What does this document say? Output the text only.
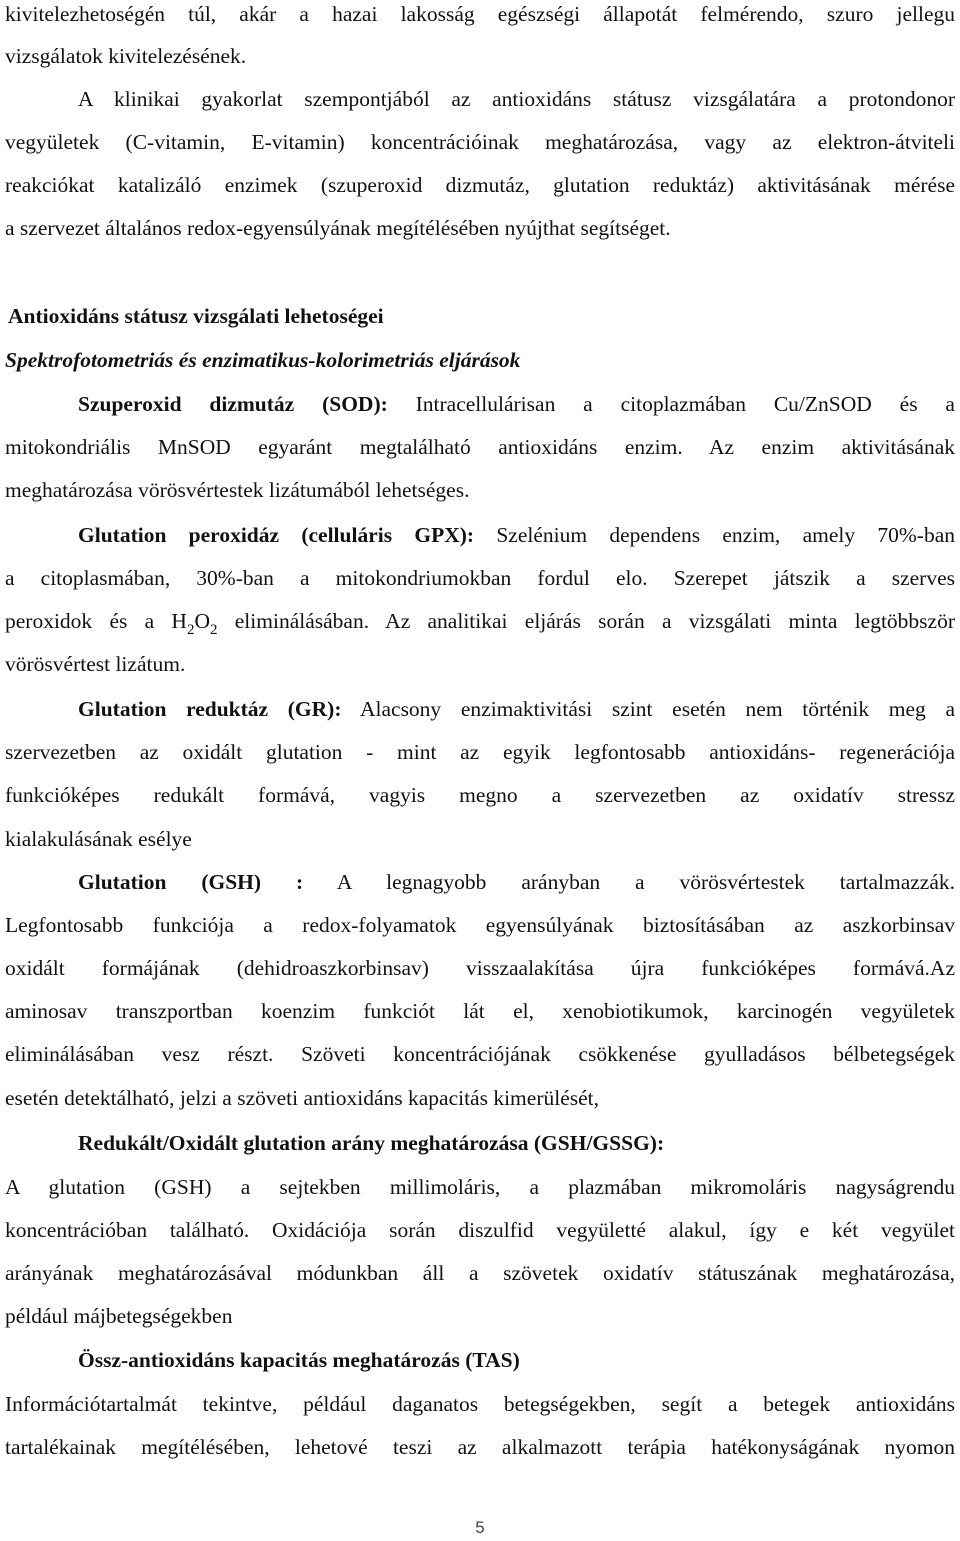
kivitelezhetoségén túl, akár a hazai lakosság egészségi állapotát felmérendo, szuro jellegu
vizsgálatok kivitelezésének.
A klinikai gyakorlat szempontjából az antioxidáns státusz vizsgálatára a protondonor
vegyületek (C-vitamin, E-vitamin) koncentrációinak meghatározása, vagy az elektron-átviteli
reakciókat katalizáló enzimek (szuperoxid dizmutáz, glutation reduktáz) aktivitásának mérése
a szervezet általános redox-egyensúlyának megítélésében nyújthat segítséget.
Antioxidáns státusz vizsgálati lehetoségei
Spektrofotometriás és enzimatikus-kolorimetriás eljárások
Szuperoxid dizmutáz (SOD): Intracellulárisan a citoplazmában Cu/ZnSOD és a
mitokondriális MnSOD egyaránt megtalálható antioxidáns enzim. Az enzim aktivitásának
meghatározása vörösvértestek lizátumából lehetséges.
Glutation peroxidáz (celluláris GPX): Szelénium dependens enzim, amely 70%-ban
a citoplasmában, 30%-ban a mitokondriumokban fordul elo. Szerepet játszik a szerves
peroxidok és a $H_2O_2$ eliminálásában. Az analitikai eljárás során a vizsgálati minta legtöbbször
vörösvértest lizátum.
Glutation reduktáz (GR): Alacsony enzimaktivitási szint esetén nem történik meg a
szervezetben az oxidált glutation - mint az egyik legfontosabb antioxidáns- regenerációja
funkcióképes redukált formává, vagyis megno a szervezetben az oxidatív stressz
kialakulásának esélye
Glutation (GSH) : A legnagyobb arányban a vörösvértestek tartalmazzák.
Legfontosabb funkciója a redox-folyamatok egyensúlyának biztosításában az aszkorbinsav
oxidált formájának (dehidroaszkorbinsav) visszaalakítása újra funkcióképes formává.Az
aminosav transzportban koenzim funkciót lát el, xenobiotikumok, karcinogén vegyületek
eliminálásában vesz részt. Szöveti koncentrációjának csökkenése gyulladásos bélbetegségek
esetén detektálható, jelzi a szöveti antioxidáns kapacitás kimerülését,
Redukált/Oxidált glutation arány meghatározása (GSH/GSSG):
A glutation (GSH) a sejtekben millimoláris, a plazmában mikromoláris nagyságrendu
koncentrációban található. Oxidációja során diszulfid vegyületté alakul, így e két vegyület
arányának meghatározásával módunkban áll a szövetek oxidatív státuszának meghatározása,
például májbetegségekben
Össz-antioxidáns kapacitás meghatározás (TAS)
Információtartalmát tekintve, például daganatos betegségekben, segít a betegek antioxidáns
tartalékainak megítélésében, lehetové teszi az alkalmazott terápia hatékonyságának nyomon
5
